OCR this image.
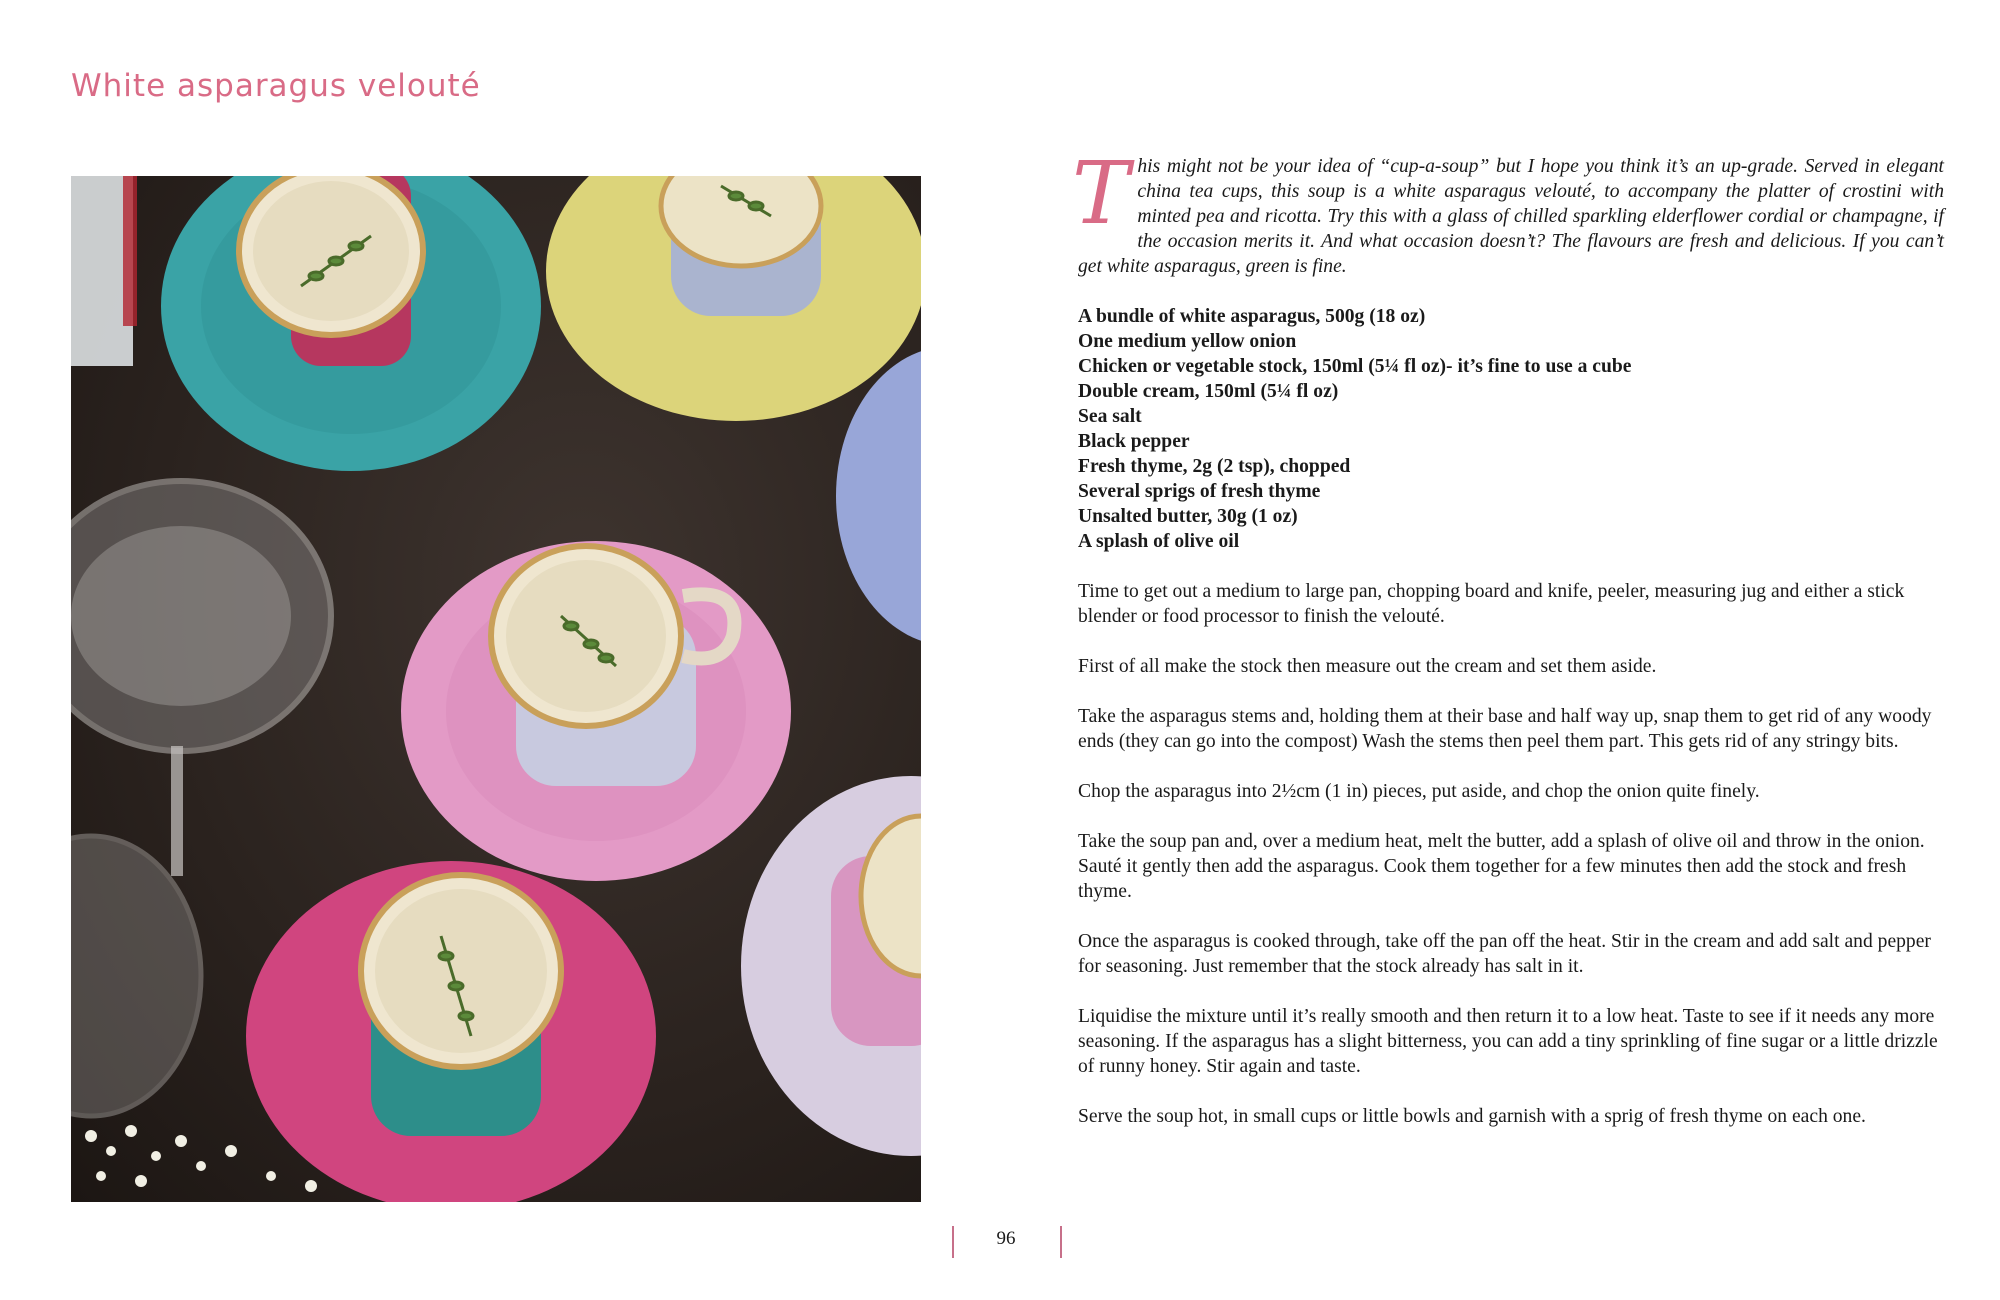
White asparagus velouté

This might not be your idea of “cup-a-soup” but I hope you think it’s an up-grade. Served in elegant china tea cups, this soup is a white asparagus velouté, to accompany the platter of crostini with minted pea and ricotta. Try this with a glass of chilled sparkling elderflower cordial or champagne, if the occasion merits it. And what occasion doesn’t? The flavours are fresh and delicious. If you can’t get white asparagus, green is fine.

A bundle of white asparagus, 500g (18 oz)
One medium yellow onion
Chicken or vegetable stock, 150ml (5¼ fl oz)- it’s fine to use a cube
Double cream, 150ml (5¼ fl oz)
Sea salt
Black pepper
Fresh thyme, 2g (2 tsp), chopped
Several sprigs of fresh thyme
Unsalted butter, 30g (1 oz)
A splash of olive oil

Time to get out a medium to large pan, chopping board and knife, peeler, measuring jug and either a stick blender or food processor to finish the velouté.

First of all make the stock then measure out the cream and set them aside.

Take the asparagus stems and, holding them at their base and half way up, snap them to get rid of any woody ends (they can go into the compost) Wash the stems then peel them part. This gets rid of any stringy bits.

Chop the asparagus into 2½cm (1 in) pieces, put aside, and chop the onion quite finely.

Take the soup pan and, over a medium heat, melt the butter, add a splash of olive oil and throw in the onion. Sauté it gently then add the asparagus. Cook them together for a few minutes then add the stock and fresh thyme.

Once the asparagus is cooked through, take off the pan off the heat. Stir in the cream and add salt and pepper for seasoning. Just remember that the stock already has salt in it.

Liquidise the mixture until it’s really smooth and then return it to a low heat. Taste to see if it needs any more seasoning. If the asparagus has a slight bitterness, you can add a tiny sprinkling of fine sugar or a little drizzle of runny honey. Stir again and taste.

Serve the soup hot, in small cups or little bowls and garnish with a sprig of fresh thyme on each one.

96
